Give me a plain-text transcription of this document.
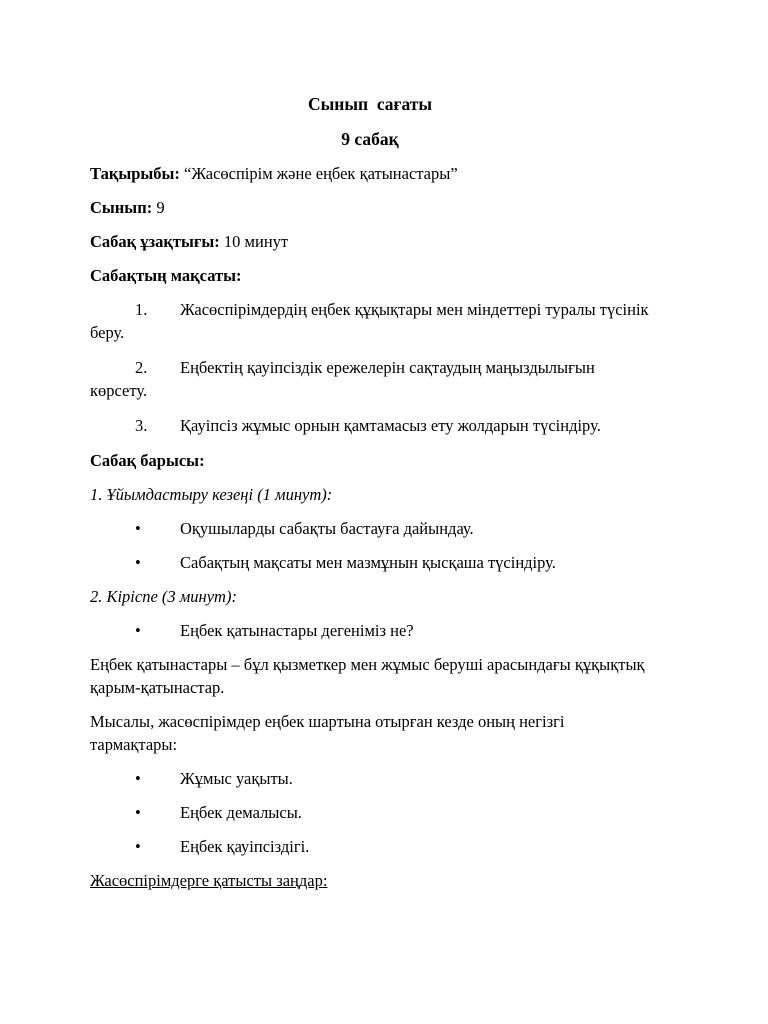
Сынып  сағаты
9 сабақ
Тақырыбы: “Жасөспірім және еңбек қатынастары”
Сынып: 9
Сабақ ұзақтығы: 10 минут
Сабақтың мақсаты:
1. Жасөспірімдердің еңбек құқықтары мен міндеттері туралы түсінік беру.
2. Еңбектің қауіпсіздік ережелерін сақтаудың маңыздылығын көрсету.
3. Қауіпсіз жұмыс орнын қамтамасыз ету жолдарын түсіндіру.
Сабақ барысы:
1. Ұйымдастыру кезеңі (1 минут):
•	Оқушыларды сабақты бастауға дайындау.
•	Сабақтың мақсаты мен мазмұнын қысқаша түсіндіру.
2. Кіріспе (3 минут):
•	Еңбек қатынастары дегеніміз не?
Еңбек қатынастары – бұл қызметкер мен жұмыс беруші арасындағы құқықтық қарым-қатынастар.
Мысалы, жасөспірімдер еңбек шартына отырған кезде оның негізгі тармақтары:
•	Жұмыс уақыты.
•	Еңбек демалысы.
•	Еңбек қауіпсіздігі.
Жасөспірімдерге қатысты заңдар:
